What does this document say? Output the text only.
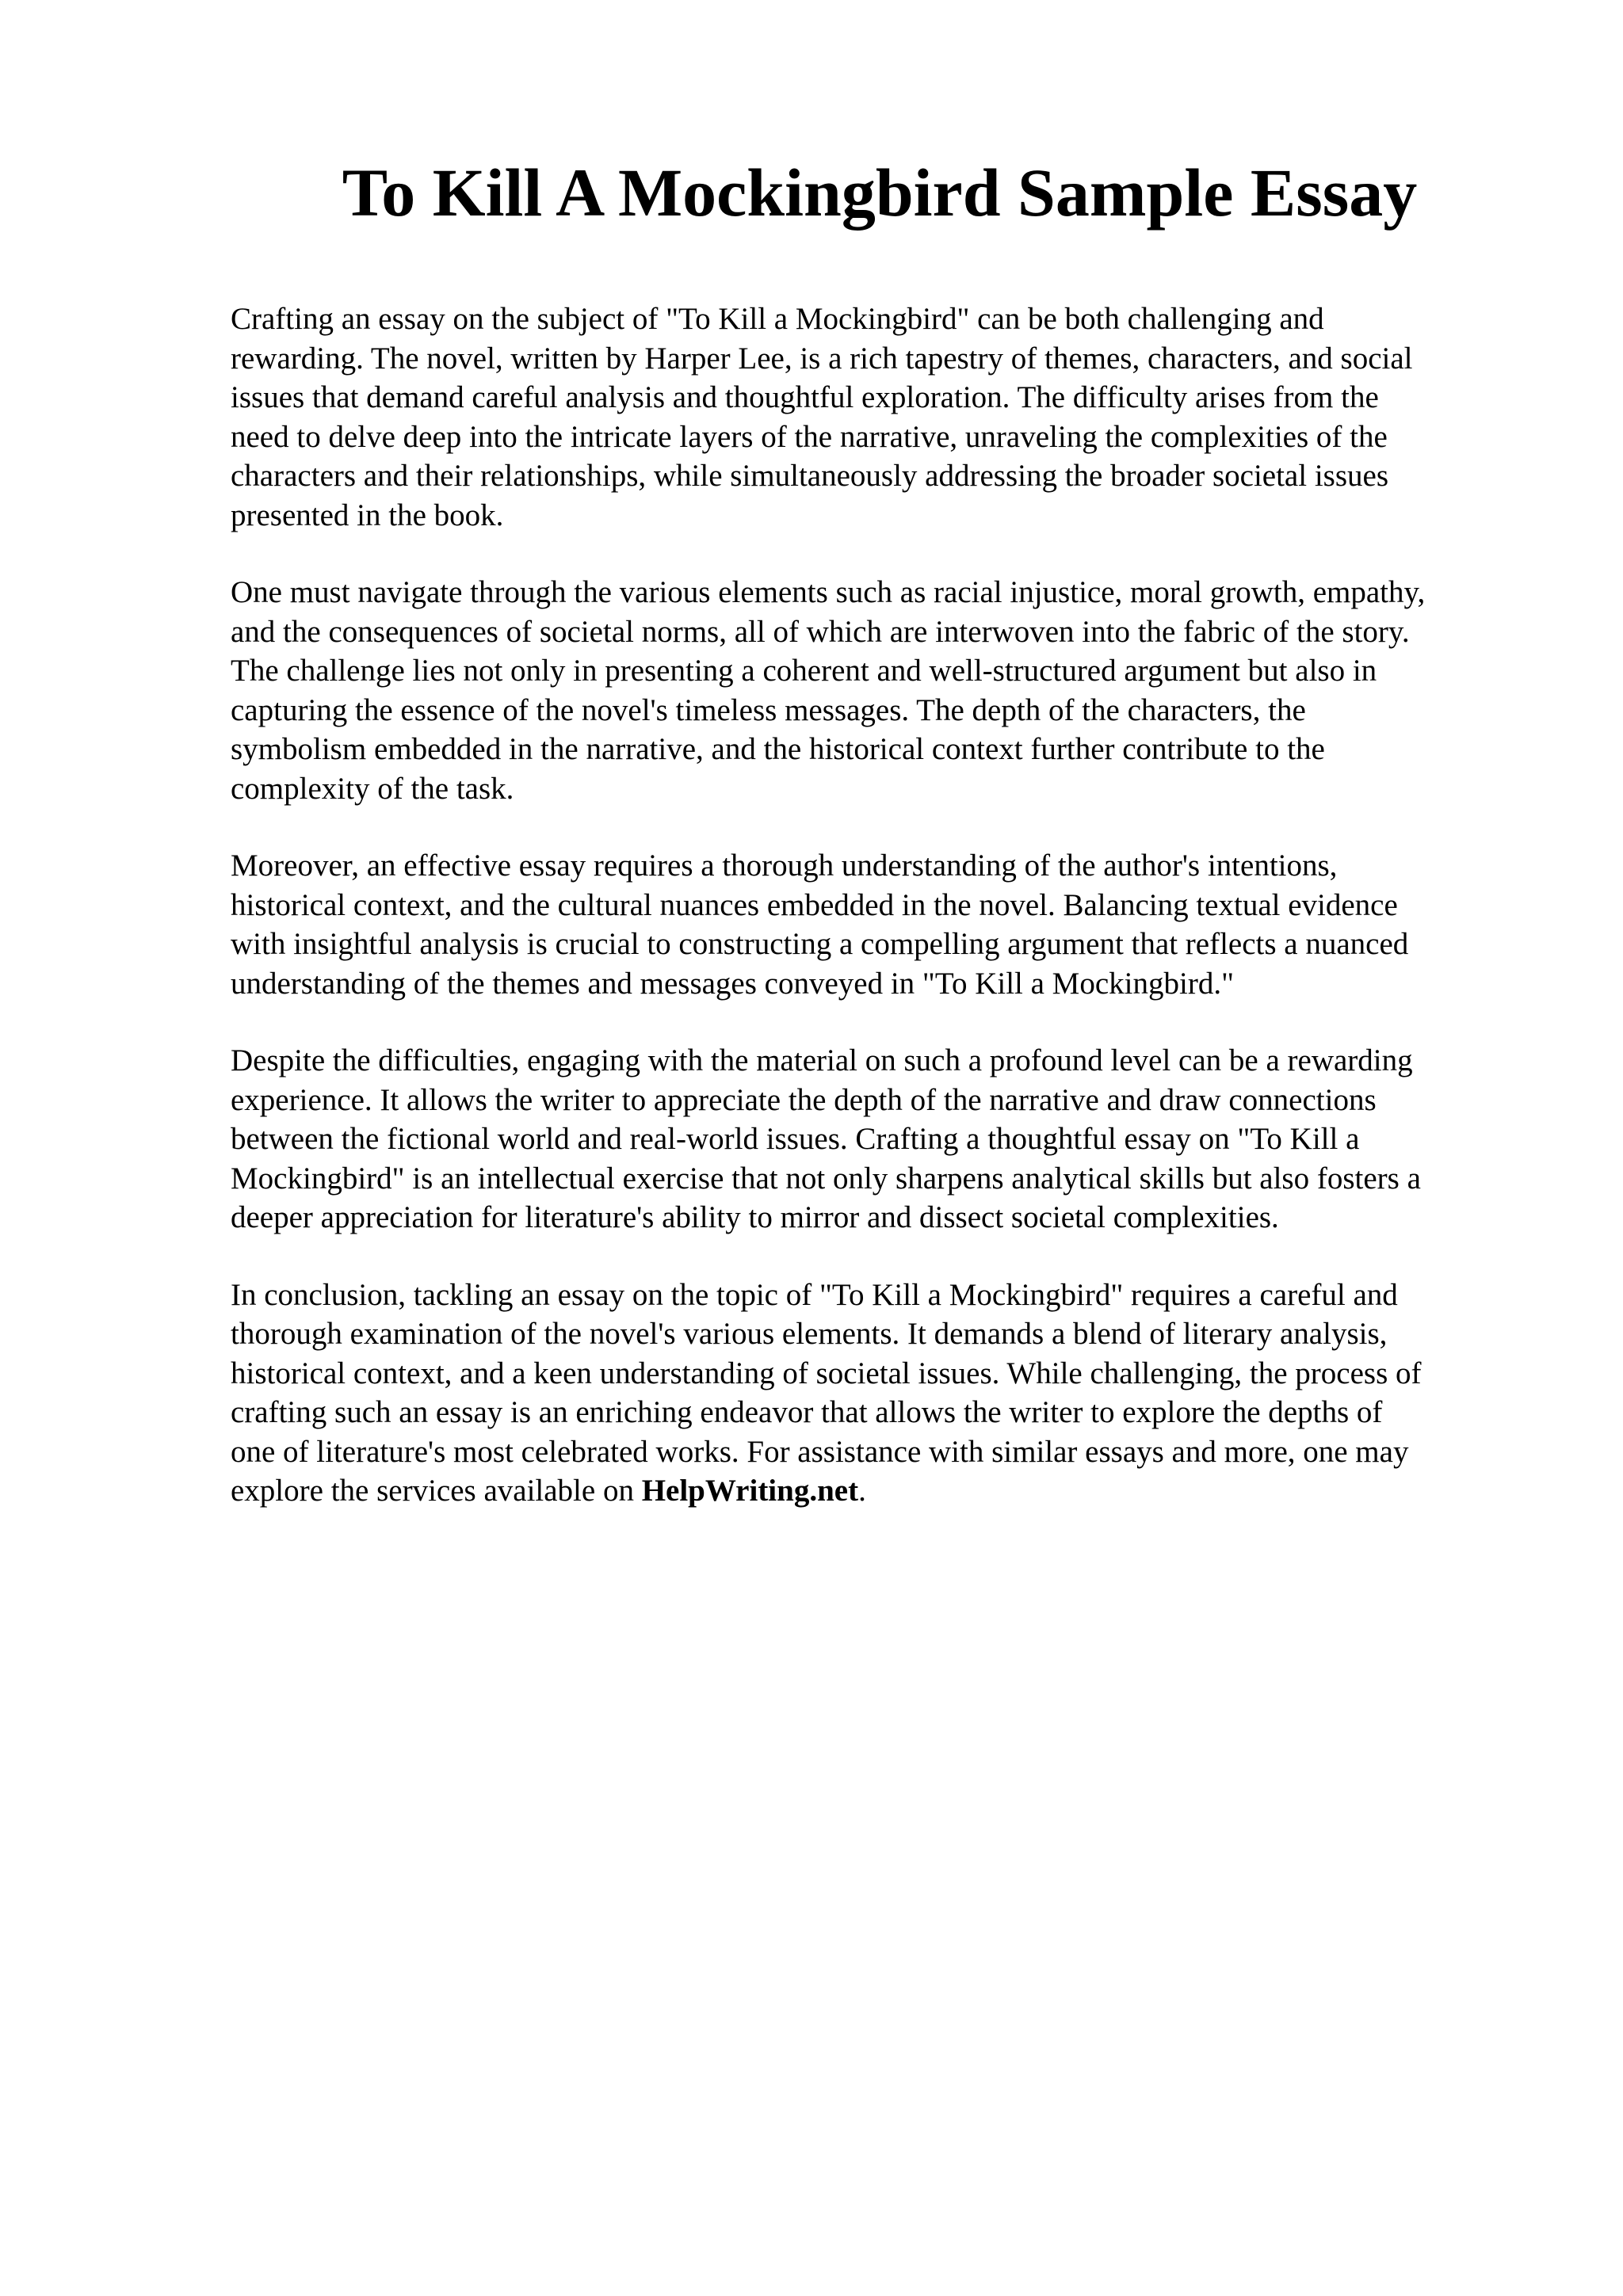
To Kill A Mockingbird Sample Essay

Crafting an essay on the subject of "To Kill a Mockingbird" can be both challenging and
rewarding. The novel, written by Harper Lee, is a rich tapestry of themes, characters, and social
issues that demand careful analysis and thoughtful exploration. The difficulty arises from the
need to delve deep into the intricate layers of the narrative, unraveling the complexities of the
characters and their relationships, while simultaneously addressing the broader societal issues
presented in the book.

One must navigate through the various elements such as racial injustice, moral growth, empathy,
and the consequences of societal norms, all of which are interwoven into the fabric of the story.
The challenge lies not only in presenting a coherent and well-structured argument but also in
capturing the essence of the novel's timeless messages. The depth of the characters, the
symbolism embedded in the narrative, and the historical context further contribute to the
complexity of the task.

Moreover, an effective essay requires a thorough understanding of the author's intentions,
historical context, and the cultural nuances embedded in the novel. Balancing textual evidence
with insightful analysis is crucial to constructing a compelling argument that reflects a nuanced
understanding of the themes and messages conveyed in "To Kill a Mockingbird."

Despite the difficulties, engaging with the material on such a profound level can be a rewarding
experience. It allows the writer to appreciate the depth of the narrative and draw connections
between the fictional world and real-world issues. Crafting a thoughtful essay on "To Kill a
Mockingbird" is an intellectual exercise that not only sharpens analytical skills but also fosters a
deeper appreciation for literature's ability to mirror and dissect societal complexities.

In conclusion, tackling an essay on the topic of "To Kill a Mockingbird" requires a careful and
thorough examination of the novel's various elements. It demands a blend of literary analysis,
historical context, and a keen understanding of societal issues. While challenging, the process of
crafting such an essay is an enriching endeavor that allows the writer to explore the depths of
one of literature's most celebrated works. For assistance with similar essays and more, one may
explore the services available on HelpWriting.net.
